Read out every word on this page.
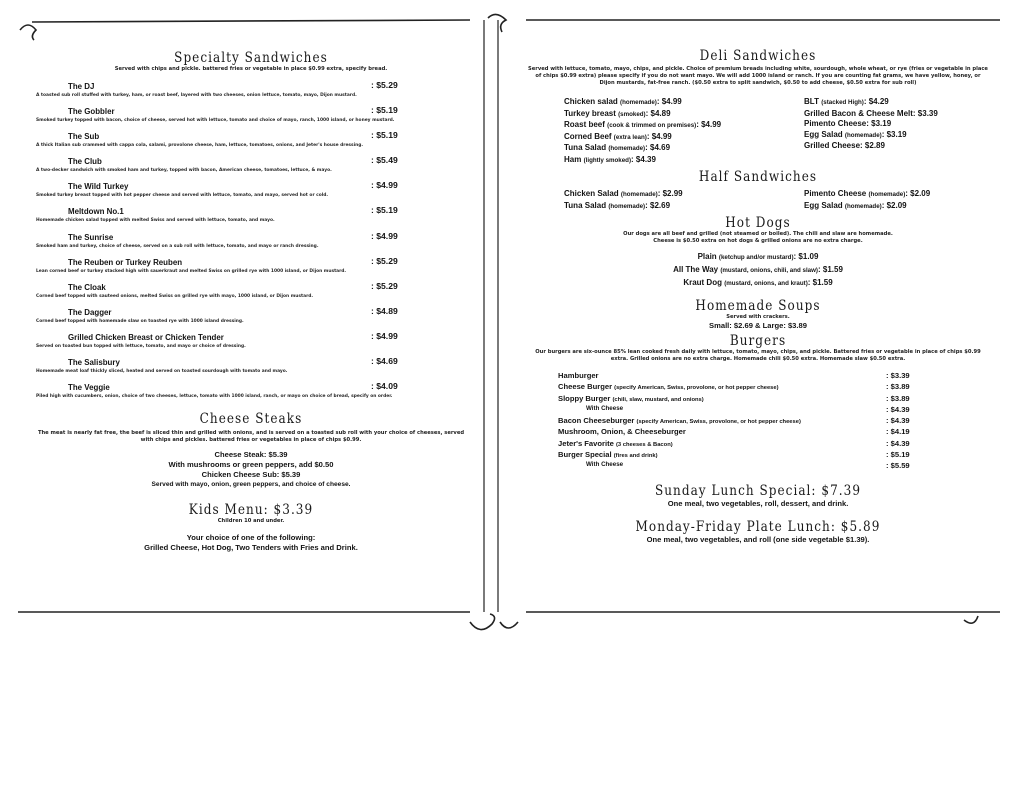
Specialty Sandwiches
Served with chips and pickle. battered fries or vegetable in place $0.99 extra, specify bread.
The DJ	: $5.29
A toasted sub roll stuffed with turkey, ham, or roast beef, layered with two cheeses, onion lettuce, tomato, mayo, Dijon mustard.
The Gobbler	: $5.19
Smoked turkey topped with bacon, choice of cheese, served hot with lettuce, tomato and choice of mayo, ranch, 1000 island, or honey mustard.
The Sub	: $5.19
A thick Italian sub crammed with cappa cola, salami, provolone cheese, ham, lettuce, tomatoes, onions, and Jeter's house dressing.
The Club	: $5.49
A two-decker sandwich with smoked ham and turkey, topped with bacon, American cheese, tomatoes, lettuce, & mayo.
The Wild Turkey	: $4.99
Smoked turkey breast topped with hot pepper cheese and served with lettuce, tomato, and mayo, served hot or cold.
Meltdown No.1	: $5.19
Homemade chicken salad topped with melted Swiss and served with lettuce, tomato, and mayo.
The Sunrise	: $4.99
Smoked ham and turkey, choice of cheese, served on a sub roll with lettuce, tomato, and mayo or ranch dressing.
The Reuben or Turkey Reuben	: $5.29
Lean corned beef or turkey stacked high with sauerkraut and melted Swiss on grilled rye with 1000 island, or Dijon mustard.
The Cloak	: $5.29
Corned beef topped with sauteed onions, melted Swiss on grilled rye with mayo, 1000 island, or Dijon mustard.
The Dagger	: $4.89
Corned beef topped with homemade slaw on toasted rye with 1000 island dressing.
Grilled Chicken Breast or Chicken Tender	: $4.99
Served on toasted bun topped with lettuce, tomato, and mayo or choice of dressing.
The Salisbury	: $4.69
Homemade meat loaf thickly sliced, heated and served on toasted sourdough with tomato and mayo.
The Veggie	: $4.09
Piled high with cucumbers, onion, choice of two cheeses, lettuce, tomato with 1000 island, ranch, or mayo on choice of bread, specify on order.
Cheese Steaks
The meat is nearly fat free, the beef is sliced thin and grilled with onions, and is served on a toasted sub roll with your choice of cheeses, served with chips and pickles. battered fries or vegetables in place of chips $0.99.
Cheese Steak: $5.39
With mushrooms or green peppers, add $0.50
Chicken Cheese Sub: $5.39
Served with mayo, onion, green peppers, and choice of cheese.
Kids Menu: $3.39
Children 10 and under.
Your choice of one of the following:
Grilled Cheese, Hot Dog, Two Tenders with Fries and Drink.
Deli Sandwiches
Served with lettuce, tomato, mayo, chips, and pickle. Choice of premium breads including white, sourdough, whole wheat, or rye (fries or vegetable in place of chips $0.99 extra) please specify if you do not want mayo. We will add 1000 island or ranch. If you are counting fat grams, we have yellow, honey, or Dijon mustards, fat-free ranch. ($0.50 extra to split sandwich, $0.50 to add cheese, $0.50 extra for sub roll)
Chicken salad (homemade): $4.99
Turkey breast (smoked): $4.89
Roast beef (cook & trimmed on premises): $4.99
Corned Beef (extra lean): $4.99
Tuna Salad (homemade): $4.69
Ham (lightly smoked): $4.39
BLT (stacked High): $4.29
Grilled Bacon & Cheese Melt: $3.39
Pimento Cheese: $3.19
Egg Salad (homemade): $3.19
Grilled Cheese: $2.89
Half Sandwiches
Chicken Salad (homemade): $2.99
Tuna Salad (homemade): $2.69
Pimento Cheese (homemade): $2.09
Egg Salad (homemade): $2.09
Hot Dogs
Our dogs are all beef and grilled (not steamed or boiled). The chili and slaw are homemade.
Cheese is $0.50 extra on hot dogs & grilled onions are no extra charge.
Plain (ketchup and/or mustard): $1.09
All The Way (mustard, onions, chili, and slaw): $1.59
Kraut Dog (mustard, onions, and kraut): $1.59
Homemade Soups
Served with crackers.
Small: $2.69 & Large: $3.89
Burgers
Our burgers are six-ounce 85% lean cooked fresh daily with lettuce, tomato, mayo, chips, and pickle. Battered fries or vegetable in place of chips $0.99 extra. Grilled onions are no extra charge. Homemade chili $0.50 extra. Homemade slaw $0.50 extra.
Hamburger	: $3.39
Cheese Burger (specify American, Swiss, provolone, or hot pepper cheese)	: $3.89
Sloppy Burger (chili, slaw, mustard, and onions)	: $3.89
With Cheese	: $4.39
Bacon Cheeseburger (specify American, Swiss, provolone, or hot pepper cheese)	: $4.39
Mushroom, Onion, & Cheeseburger	: $4.19
Jeter's Favorite (3 cheeses & Bacon)	: $4.39
Burger Special (fires and drink)	: $5.19
With Cheese	: $5.59
Sunday Lunch Special: $7.39
One meal, two vegetables, roll, dessert, and drink.
Monday-Friday Plate Lunch: $5.89
One meal, two vegetables, and roll (one side vegetable $1.39).
